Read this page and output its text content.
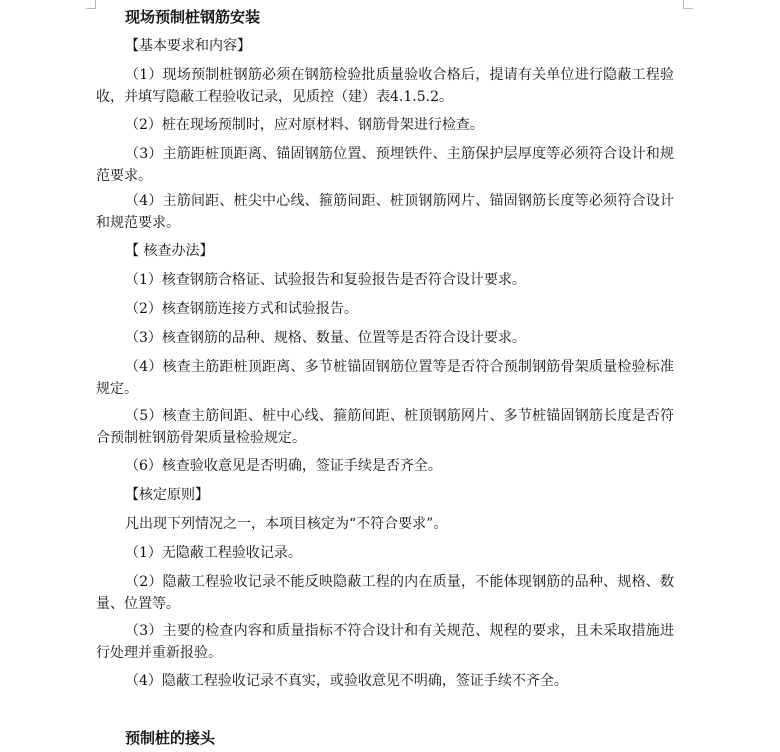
现场预制桩钢筋安装
【基本要求和内容】
（1）现场预制桩钢筋必须在钢筋检验批质量验收合格后，提请有关单位进行隐蔽工程验收，并填写隐蔽工程验收记录，见质控（建）表4.1.5.2。
（2）桩在现场预制时，应对原材料、钢筋骨架进行检查。
（3）主筋距桩顶距离、锚固钢筋位置、预埋铁件、主筋保护层厚度等必须符合设计和规范要求。
（4）主筋间距、桩尖中心线、箍筋间距、桩顶钢筋网片、锚固钢筋长度等必须符合设计和规范要求。
【 核查办法】
（1）核查钢筋合格证、试验报告和复验报告是否符合设计要求。
（2）核查钢筋连接方式和试验报告。
（3）核查钢筋的品种、规格、数量、位置等是否符合设计要求。
（4）核查主筋距桩顶距离、多节桩锚固钢筋位置等是否符合预制钢筋骨架质量检验标准规定。
（5）核查主筋间距、桩中心线、箍筋间距、桩顶钢筋网片、多节桩锚固钢筋长度是否符合预制桩钢筋骨架质量检验规定。
（6）核查验收意见是否明确，签证手续是否齐全。
【核定原则】
凡出现下列情况之一，本项目核定为“不符合要求”。
（1）无隐蔽工程验收记录。
（2）隐蔽工程验收记录不能反映隐蔽工程的内在质量，不能体现钢筋的品种、规格、数量、位置等。
（3）主要的检查内容和质量指标不符合设计和有关规范、规程的要求，且未采取措施进行处理并重新报验。
（4）隐蔽工程验收记录不真实，或验收意见不明确，签证手续不齐全。
预制桩的接头
